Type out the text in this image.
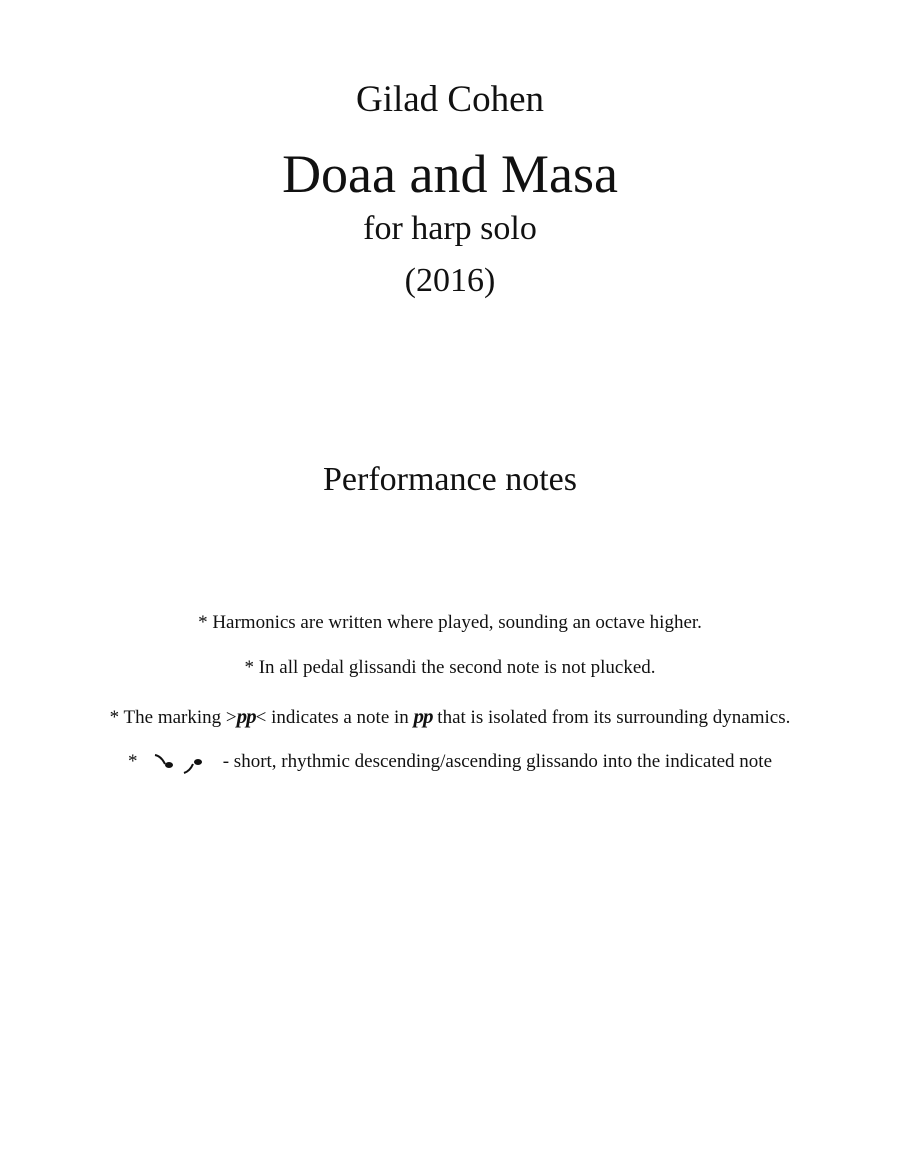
Gilad Cohen
Doaa and Masa
for harp solo
(2016)
Performance notes
* Harmonics are written where played, sounding an octave higher.
* In all pedal glissandi the second note is not plucked.
* The marking >pp< indicates a note in pp that is isolated from its surrounding dynamics.
*	- short, rhythmic descending/ascending glissando into the indicated note
